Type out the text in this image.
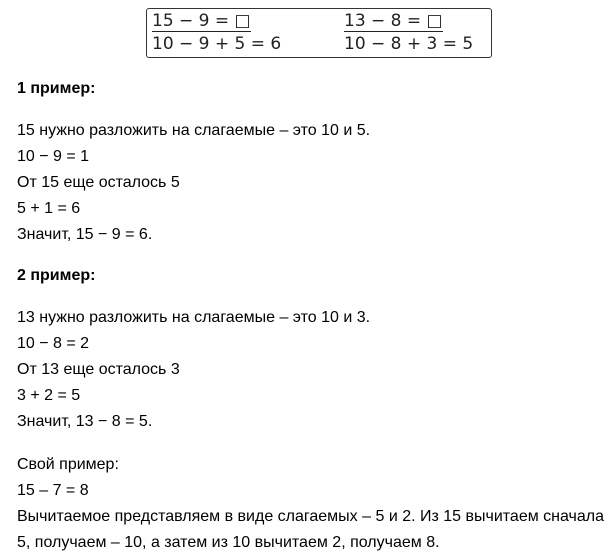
15 − 9 = □
10 − 9 + 5 = 6
13 − 8 = □
10 − 8 + 3 = 5
1 пример:
15 нужно разложить на слагаемые – это 10 и 5.
10 − 9 = 1
От 15 еще осталось 5
5 + 1 = 6
Значит, 15 − 9 = 6.
2 пример:
13 нужно разложить на слагаемые – это 10 и 3.
10 − 8 = 2
От 13 еще осталось 3
3 + 2 = 5
Значит, 13 − 8 = 5.
Свой пример:
15 – 7 = 8
Вычитаемое представляем в виде слагаемых – 5 и 2. Из 15 вычитаем сначала
5, получаем – 10, а затем из 10 вычитаем 2, получаем 8.
